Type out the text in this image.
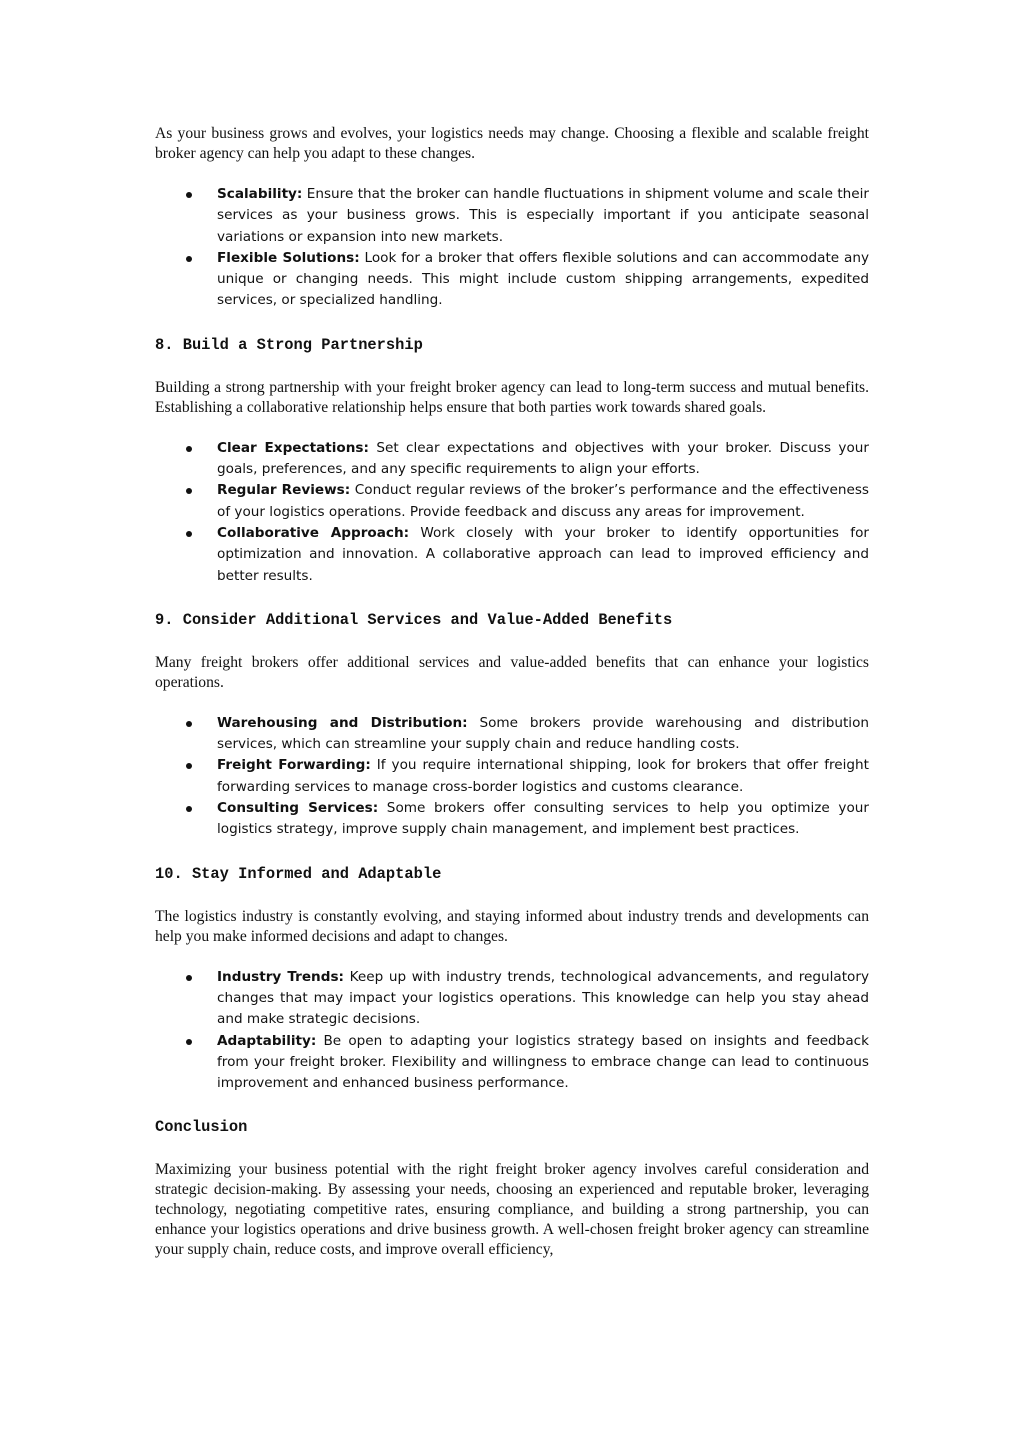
As your business grows and evolves, your logistics needs may change. Choosing a flexible and scalable freight broker agency can help you adapt to these changes.

Scalability: Ensure that the broker can handle fluctuations in shipment volume and scale their services as your business grows. This is especially important if you anticipate seasonal variations or expansion into new markets.
Flexible Solutions: Look for a broker that offers flexible solutions and can accommodate any unique or changing needs. This might include custom shipping arrangements, expedited services, or specialized handling.
8. Build a Strong Partnership

Building a strong partnership with your freight broker agency can lead to long-term success and mutual benefits. Establishing a collaborative relationship helps ensure that both parties work towards shared goals.

Clear Expectations: Set clear expectations and objectives with your broker. Discuss your goals, preferences, and any specific requirements to align your efforts.
Regular Reviews: Conduct regular reviews of the broker’s performance and the effectiveness of your logistics operations. Provide feedback and discuss any areas for improvement.
Collaborative Approach: Work closely with your broker to identify opportunities for optimization and innovation. A collaborative approach can lead to improved efficiency and better results.
9. Consider Additional Services and Value-Added Benefits

Many freight brokers offer additional services and value-added benefits that can enhance your logistics operations.

Warehousing and Distribution: Some brokers provide warehousing and distribution services, which can streamline your supply chain and reduce handling costs.
Freight Forwarding: If you require international shipping, look for brokers that offer freight forwarding services to manage cross-border logistics and customs clearance.
Consulting Services: Some brokers offer consulting services to help you optimize your logistics strategy, improve supply chain management, and implement best practices.
10. Stay Informed and Adaptable

The logistics industry is constantly evolving, and staying informed about industry trends and developments can help you make informed decisions and adapt to changes.

Industry Trends: Keep up with industry trends, technological advancements, and regulatory changes that may impact your logistics operations. This knowledge can help you stay ahead and make strategic decisions.
Adaptability: Be open to adapting your logistics strategy based on insights and feedback from your freight broker. Flexibility and willingness to embrace change can lead to continuous improvement and enhanced business performance.
Conclusion

Maximizing your business potential with the right freight broker agency involves careful consideration and strategic decision-making. By assessing your needs, choosing an experienced and reputable broker, leveraging technology, negotiating competitive rates, ensuring compliance, and building a strong partnership, you can enhance your logistics operations and drive business growth. A well-chosen freight broker agency can streamline your supply chain, reduce costs, and improve overall efficiency,
